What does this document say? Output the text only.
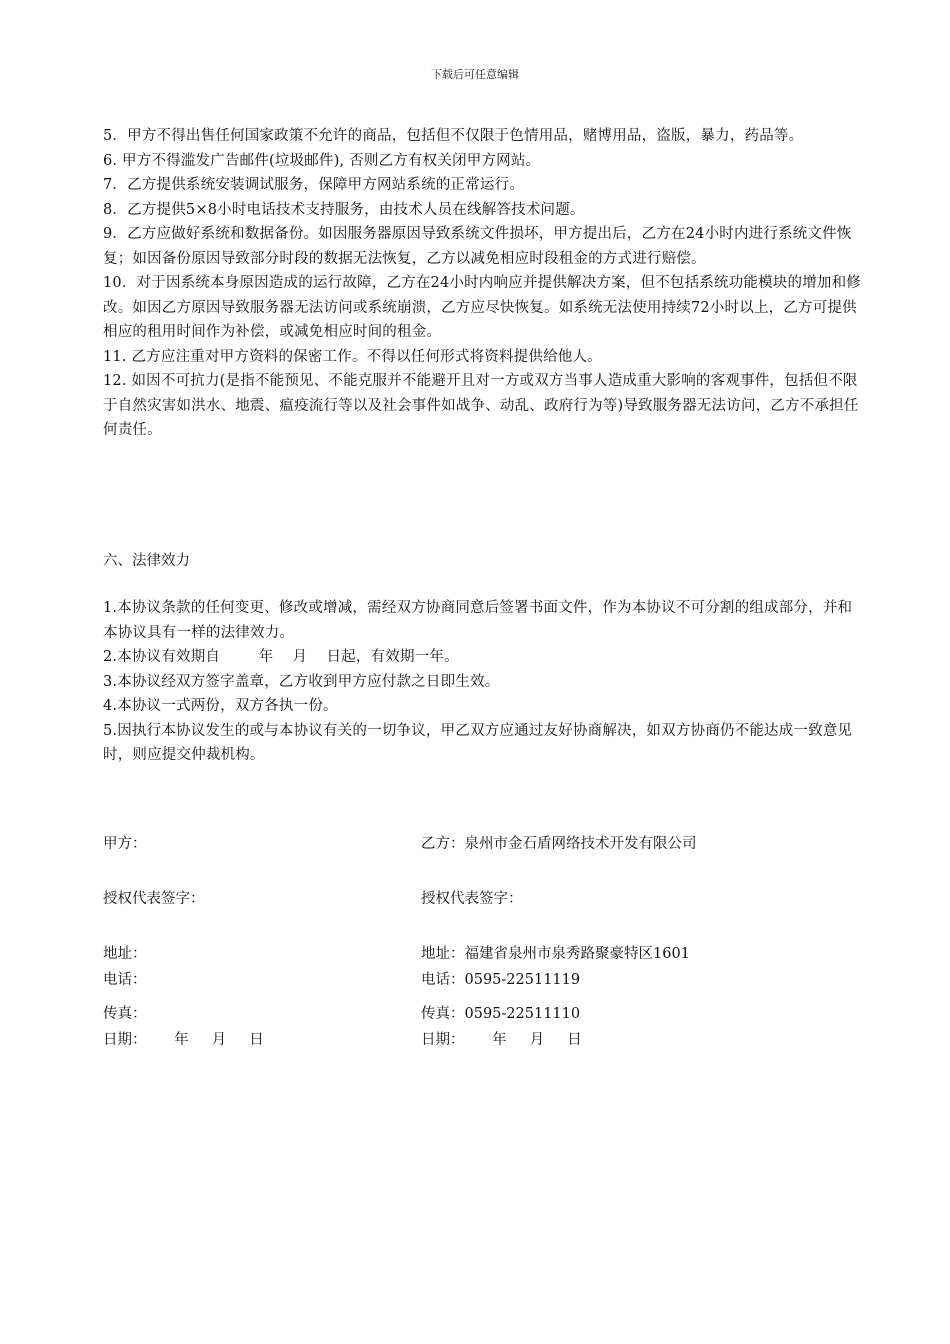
下载后可任意编辑

5．甲方不得出售任何国家政策不允许的商品，包括但不仅限于色情用品，赌博用品，盗版，暴力，药品等。

6. 甲方不得滥发广告邮件(垃圾邮件), 否则乙方有权关闭甲方网站。

7．乙方提供系统安装调试服务，保障甲方网站系统的正常运行。

8．乙方提供5×8小时电话技术支持服务，由技术人员在线解答技术问题。

9．乙方应做好系统和数据备份。如因服务器原因导致系统文件损坏，甲方提出后，乙方在24小时内进行系统文件恢复；如因备份原因导致部分时段的数据无法恢复，乙方以减免相应时段租金的方式进行赔偿。

10．对于因系统本身原因造成的运行故障，乙方在24小时内响应并提供解决方案，但不包括系统功能模块的增加和修改。如因乙方原因导致服务器无法访问或系统崩溃，乙方应尽快恢复。如系统无法使用持续72小时以上，乙方可提供相应的租用时间作为补偿，或减免相应时间的租金。

11. 乙方应注重对甲方资料的保密工作。不得以任何形式将资料提供给他人。

12. 如因不可抗力(是指不能预见、不能克服并不能避开且对一方或双方当事人造成重大影响的客观事件，包括但不限于自然灾害如洪水、地震、瘟疫流行等以及社会事件如战争、动乱、政府行为等)导致服务器无法访问，乙方不承担任何责任。

六、法律效力

1.本协议条款的任何变更、修改或增减，需经双方协商同意后签署书面文件，作为本协议不可分割的组成部分，并和本协议具有一样的法律效力。

2.本协议有效期自        年    月    日起，有效期一年。

3.本协议经双方签字盖章，乙方收到甲方应付款之日即生效。

4.本协议一式两份，双方各执一份。

5.因执行本协议发生的或与本协议有关的一切争议，甲乙双方应通过友好协商解决，如双方协商仍不能达成一致意见时，则应提交仲裁机构。

甲方：
授权代表签字：
地址：
电话：
传真：
日期：      年     月     日
乙方：泉州市金石盾网络技术开发有限公司
授权代表签字：
地址：福建省泉州市泉秀路聚豪特区1601
电话：0595-22511119
传真：0595-22511110
日期：      年     月     日
